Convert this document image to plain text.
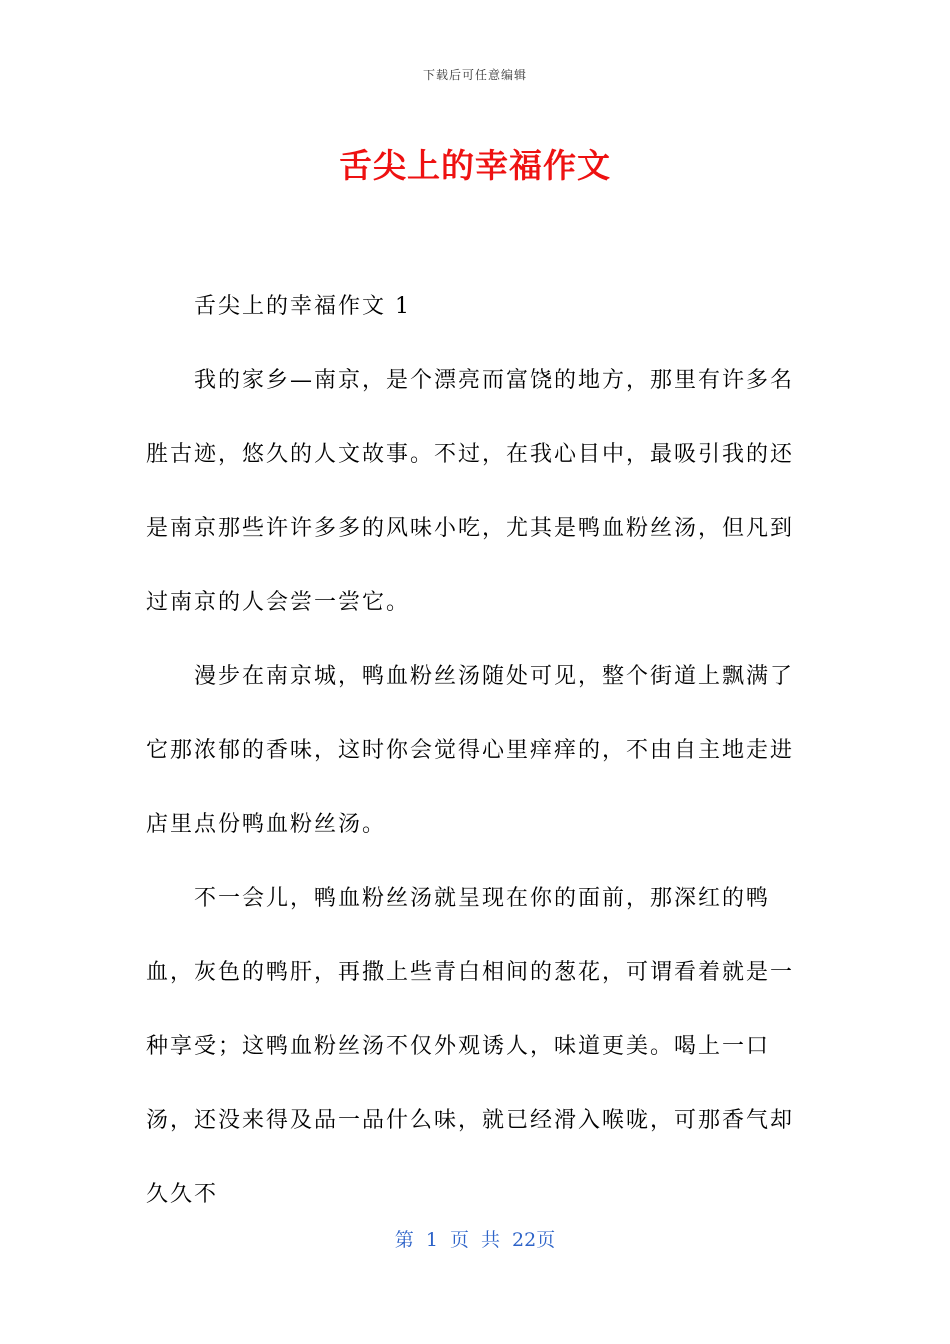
下载后可任意编辑
舌尖上的幸福作文

舌尖上的幸福作文 1

我的家乡—南京，是个漂亮而富饶的地方，那里有许多名胜古迹，悠久的人文故事。不过，在我心目中，最吸引我的还是南京那些许许多多的风味小吃，尤其是鸭血粉丝汤，但凡到过南京的人会尝一尝它。

漫步在南京城，鸭血粉丝汤随处可见，整个街道上飘满了它那浓郁的香味，这时你会觉得心里痒痒的，不由自主地走进店里点份鸭血粉丝汤。

不一会儿，鸭血粉丝汤就呈现在你的面前，那深红的鸭血，灰色的鸭肝，再撒上些青白相间的葱花，可谓看着就是一种享受；这鸭血粉丝汤不仅外观诱人，味道更美。喝上一口汤，还没来得及品一品什么味，就已经滑入喉咙，可那香气却久久不

第 1 页 共 22页
